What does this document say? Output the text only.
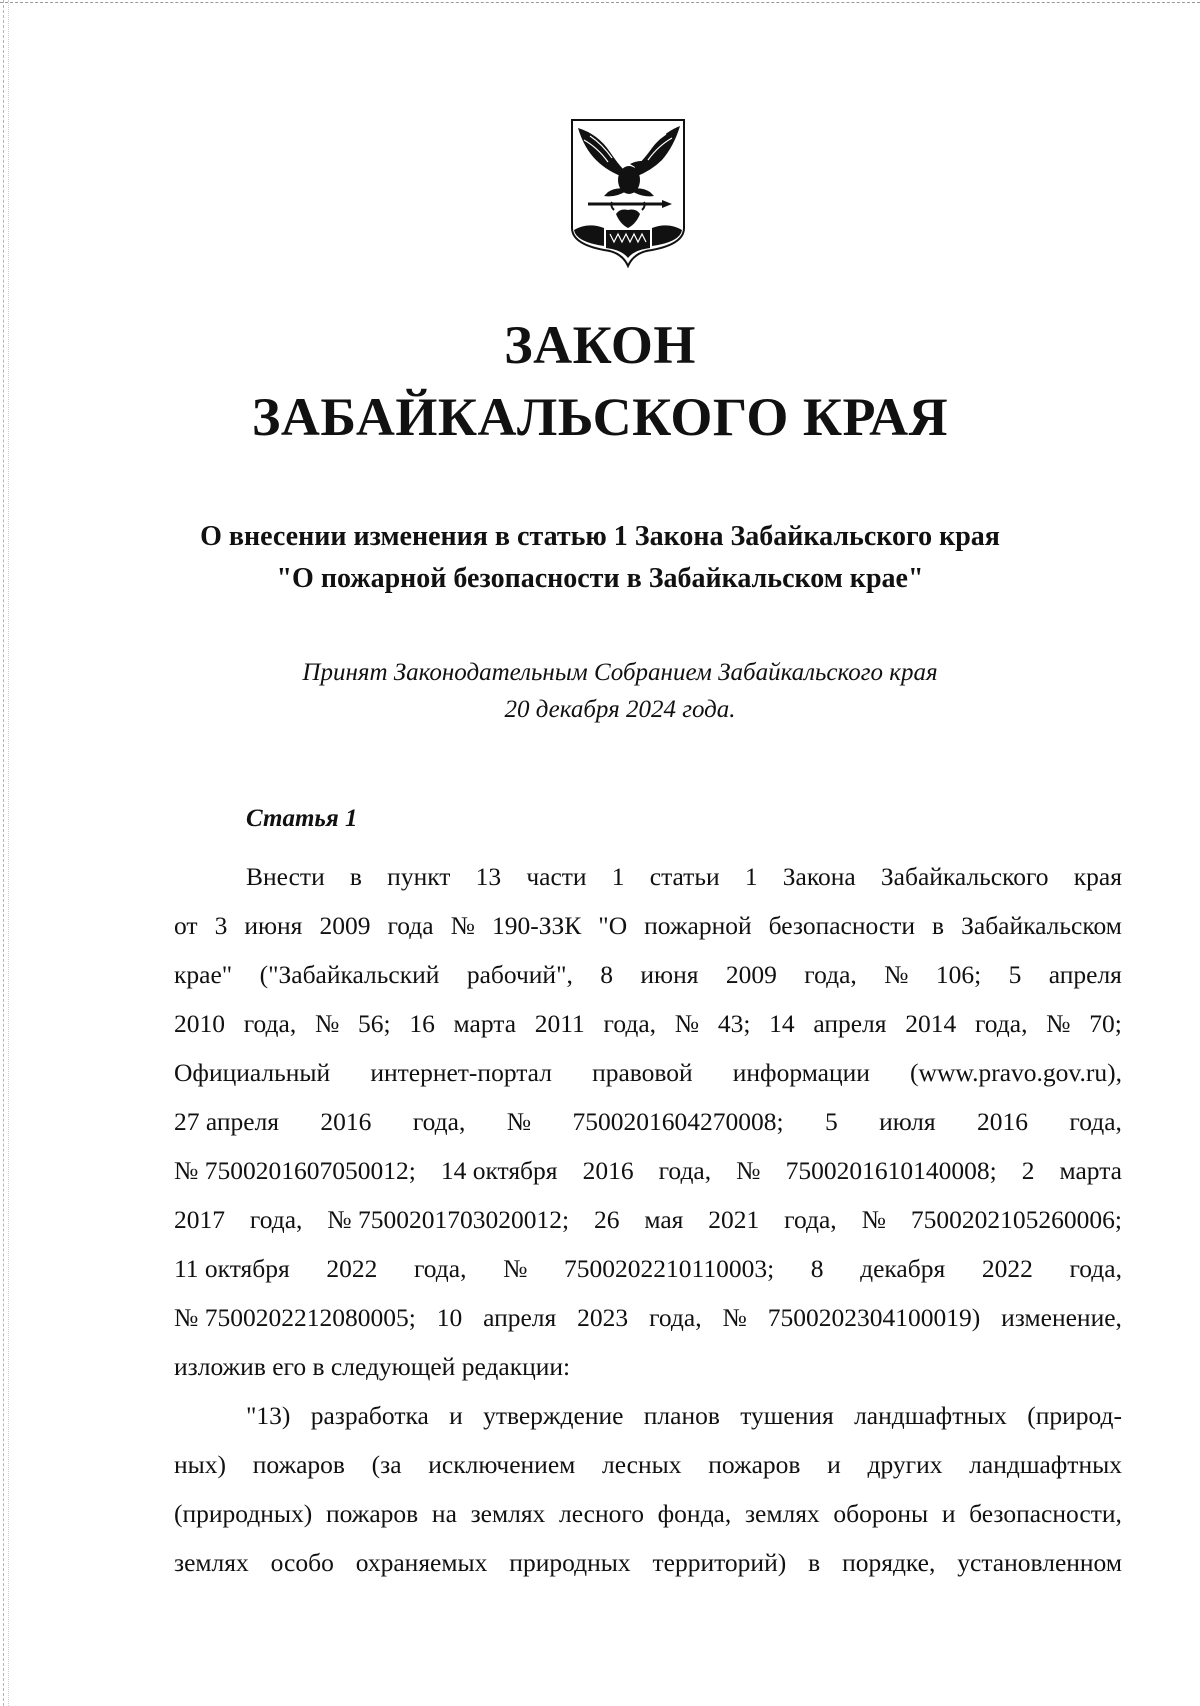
ЗАКОН
ЗАБАЙКАЛЬСКОГО КРАЯ
О внесении изменения в статью 1 Закона Забайкальского края
"О пожарной безопасности в Забайкальском крае"
Принят Законодательным Собранием Забайкальского края
20 декабря 2024 года.
Статья 1
Внести в пункт 13 части 1 статьи 1 Закона Забайкальского края
от 3 июня 2009 года № 190-ЗЗК "О пожарной безопасности в Забайкальском
крае" ("Забайкальский рабочий", 8 июня 2009 года, № 106; 5 апреля
2010 года, № 56; 16 марта 2011 года, № 43; 14 апреля 2014 года, № 70;
Официальный интернет-портал правовой информации (www.pravo.gov.ru),
27 апреля 2016 года, № 7500201604270008; 5 июля 2016 года,
№ 7500201607050012; 14 октября 2016 года, № 7500201610140008; 2 марта
2017 года, № 7500201703020012; 26 мая 2021 года, № 7500202105260006;
11 октября 2022 года, № 7500202210110003; 8 декабря 2022 года,
№ 7500202212080005; 10 апреля 2023 года, № 7500202304100019) изменение,
изложив его в следующей редакции:
"13) разработка и утверждение планов тушения ландшафтных (природ-
ных) пожаров (за исключением лесных пожаров и других ландшафтных
(природных) пожаров на землях лесного фонда, землях обороны и безопасности,
землях особо охраняемых природных территорий) в порядке, установленном
